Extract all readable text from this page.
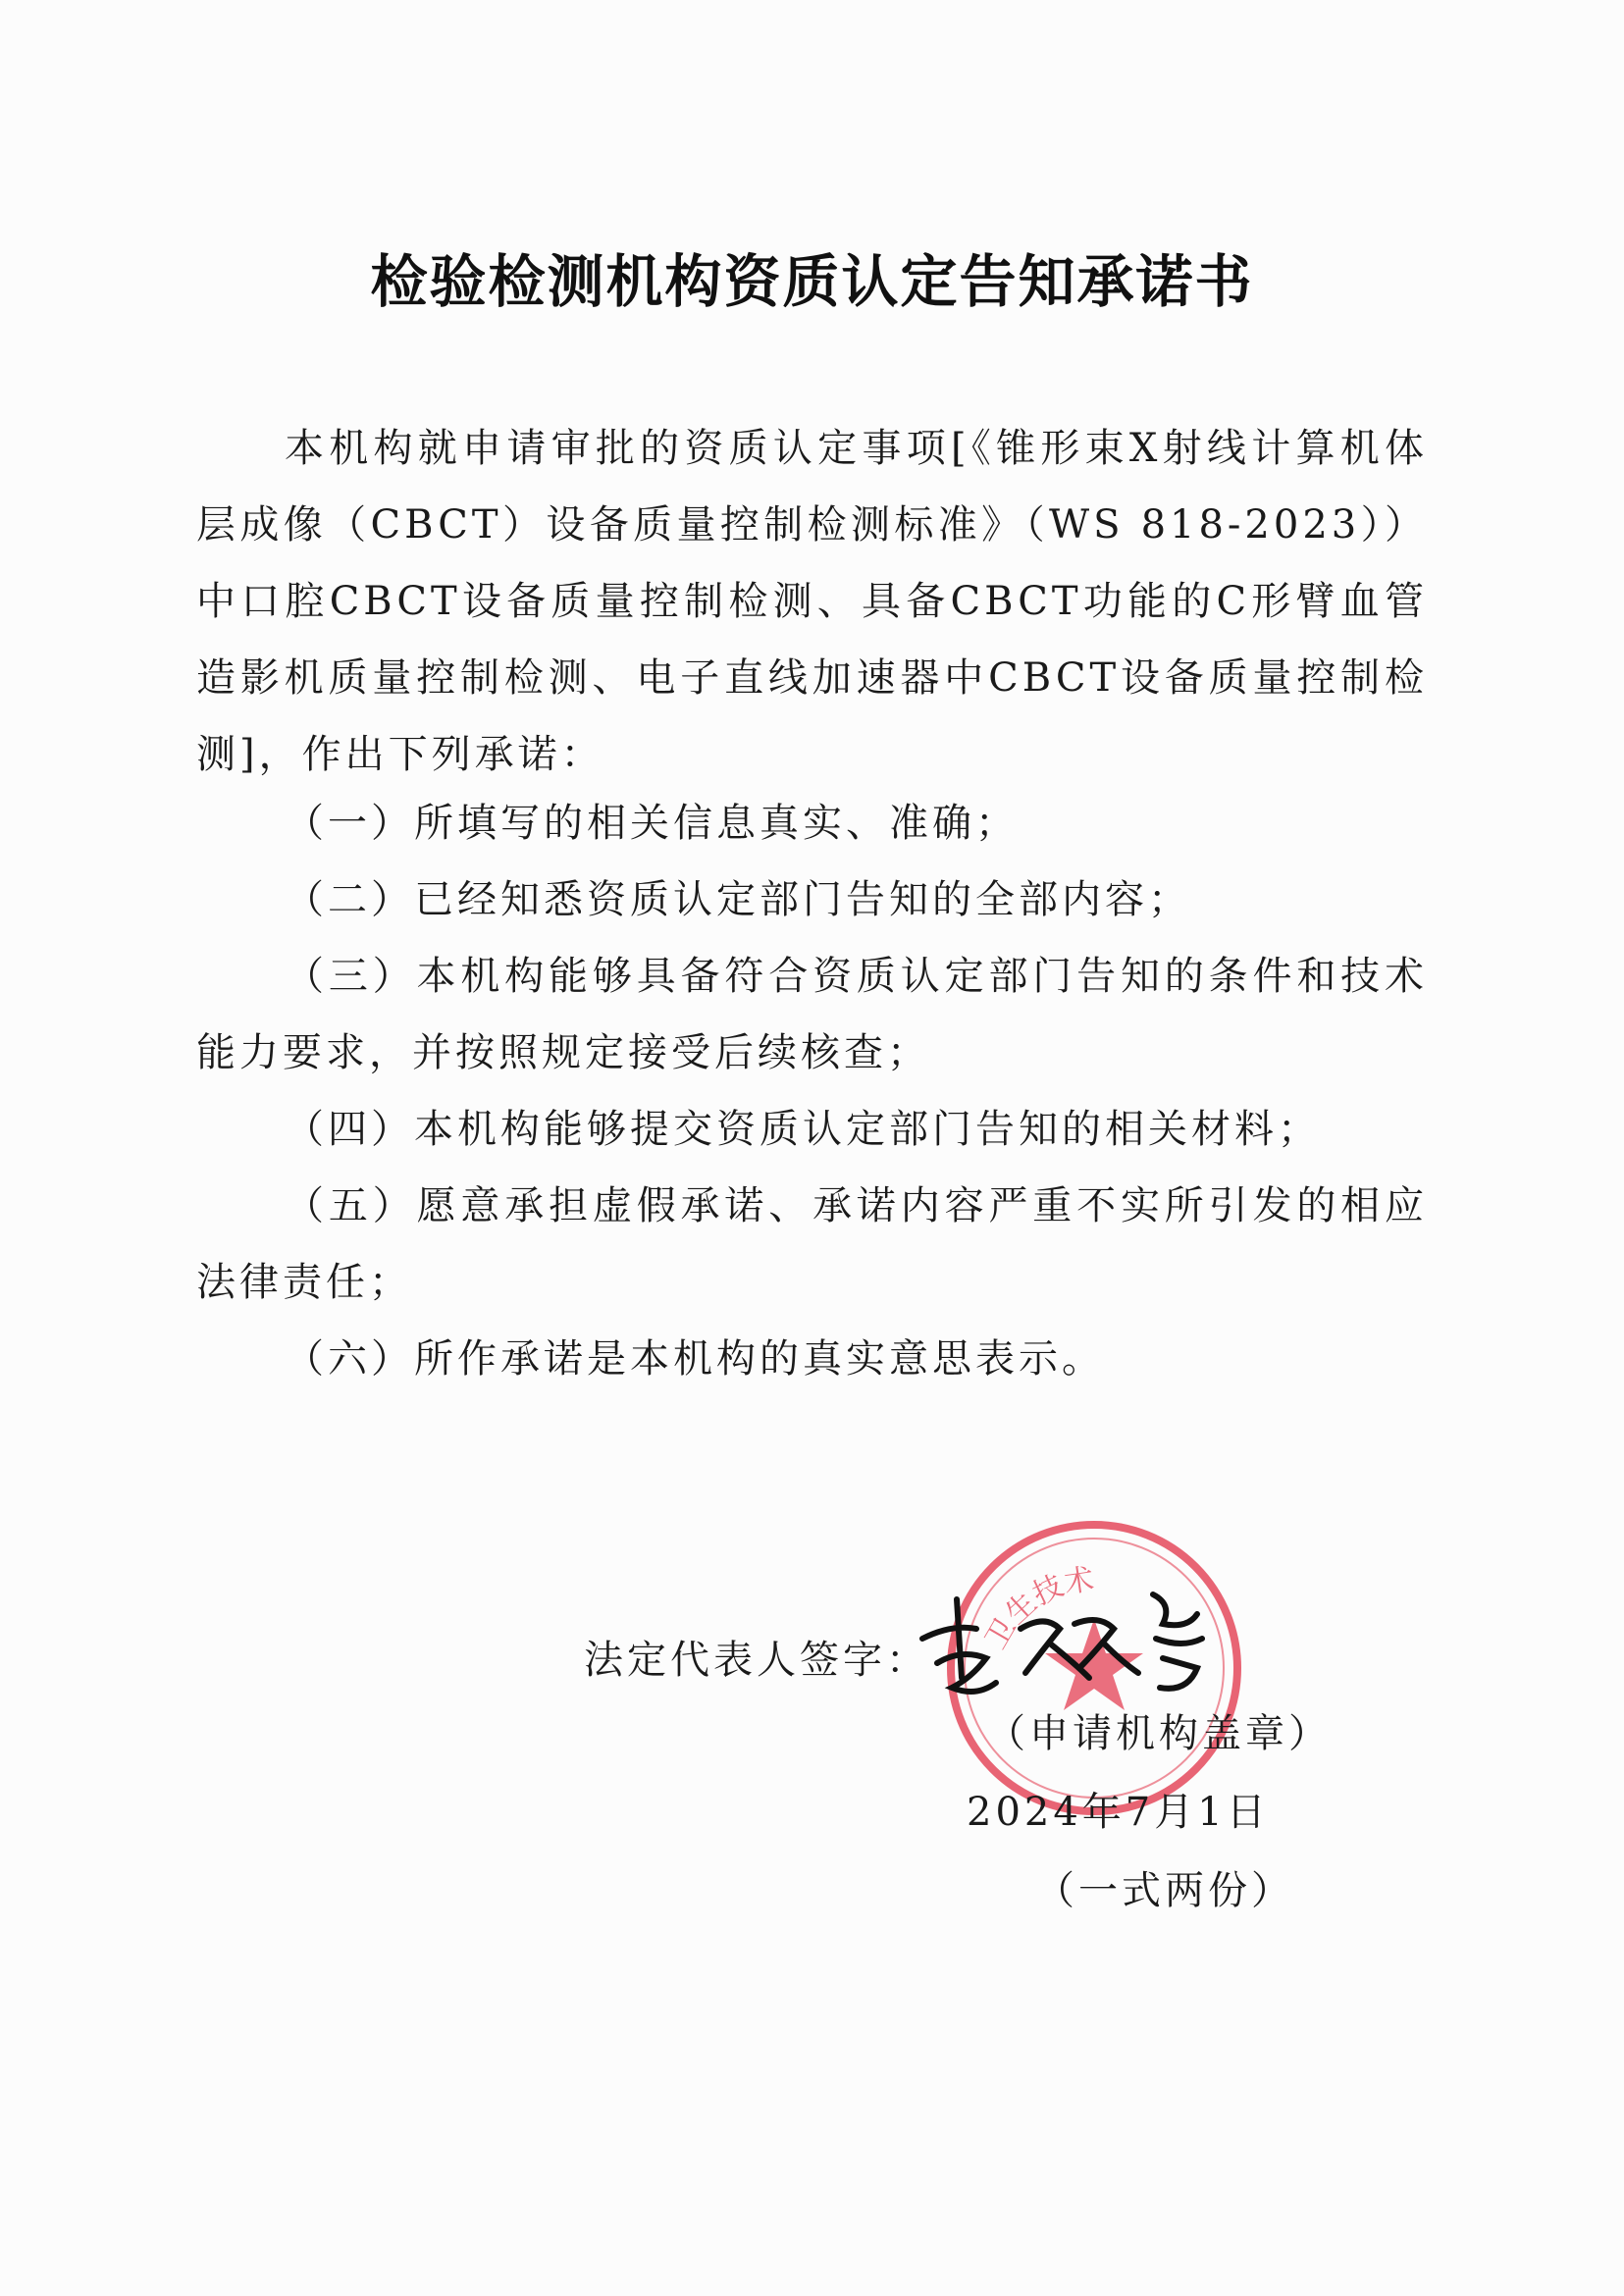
检验检测机构资质认定告知承诺书

本机构就申请审批的资质认定事项[《锥形束X射线计算机体层成像（CBCT）设备质量控制检测标准》（WS 818-2023））中口腔CBCT设备质量控制检测、具备CBCT功能的C形臂血管造影机质量控制检测、电子直线加速器中CBCT设备质量控制检测]，作出下列承诺：

（一）所填写的相关信息真实、准确；

（二）已经知悉资质认定部门告知的全部内容；

（三）本机构能够具备符合资质认定部门告知的条件和技术能力要求，并按照规定接受后续核查；

（四）本机构能够提交资质认定部门告知的相关材料；

（五）愿意承担虚假承诺、承诺内容严重不实所引发的相应法律责任；

（六）所作承诺是本机构的真实意思表示。

卫生技术
法定代表人签字：
（申请机构盖章）
2024年7月1日
（一式两份）
